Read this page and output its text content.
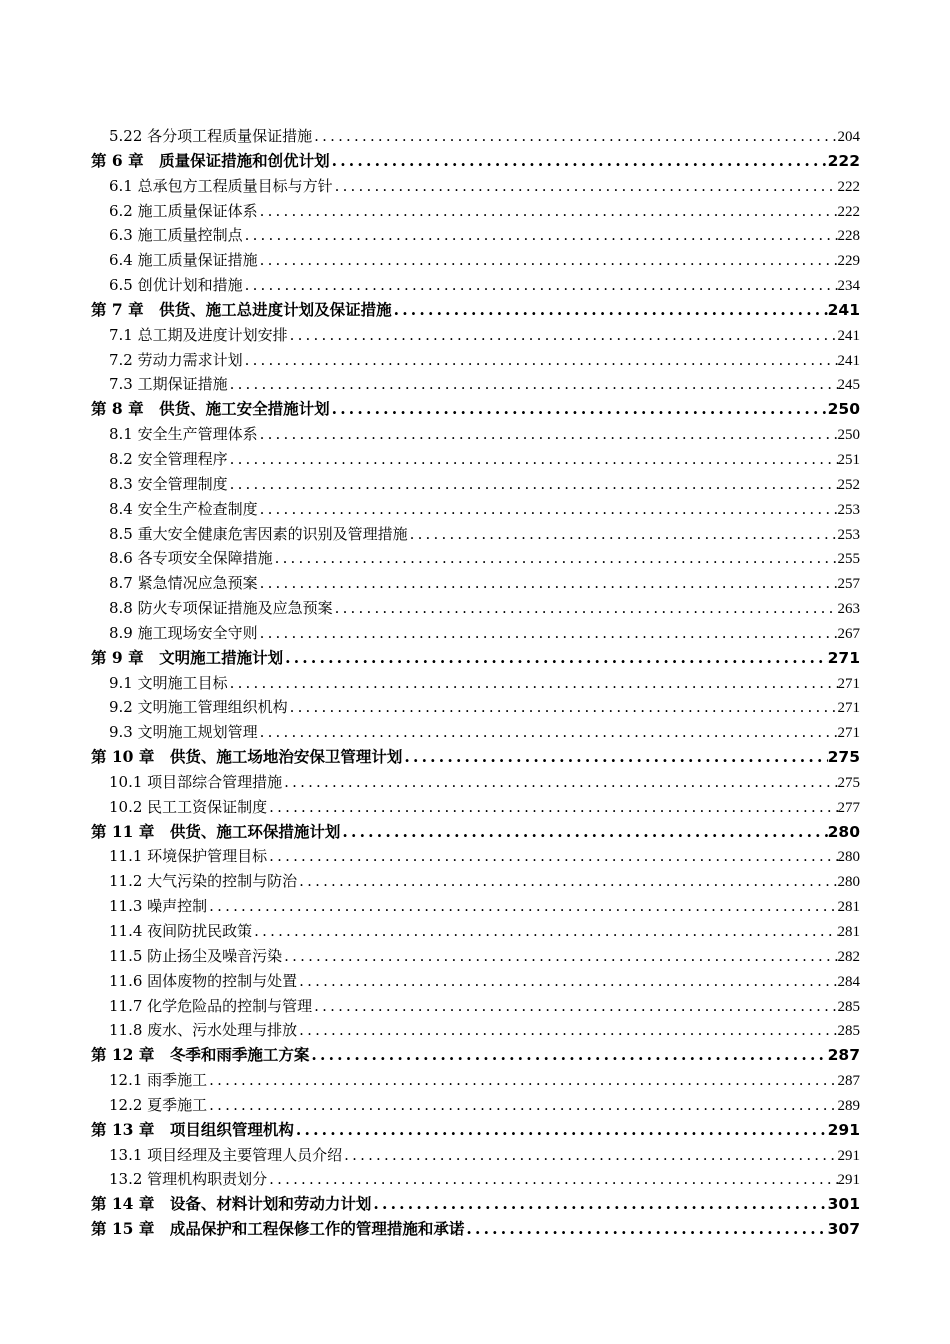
5.22 各分项工程质量保证措施 .....	204
第 6 章　质量保证措施和创优计划 .....	222
6.1 总承包方工程质量目标与方针 .....	222
6.2 施工质量保证体系 .....	222
6.3 施工质量控制点 .....	228
6.4 施工质量保证措施 .....	229
6.5 创优计划和措施 .....	234
第 7 章　供货、施工总进度计划及保证措施 .....	241
7.1 总工期及进度计划安排 .....	241
7.2 劳动力需求计划 .....	241
7.3 工期保证措施 .....	245
第 8 章　供货、施工安全措施计划 .....	250
8.1 安全生产管理体系 .....	250
8.2 安全管理程序 .....	251
8.3 安全管理制度 .....	252
8.4 安全生产检查制度 .....	253
8.5 重大安全健康危害因素的识别及管理措施 .....	253
8.6 各专项安全保障措施 .....	255
8.7 紧急情况应急预案 .....	257
8.8 防火专项保证措施及应急预案 .....	263
8.9 施工现场安全守则 .....	267
第 9 章　文明施工措施计划 .....	271
9.1 文明施工目标 .....	271
9.2 文明施工管理组织机构 .....	271
9.3 文明施工规划管理 .....	271
第 10 章　供货、施工场地治安保卫管理计划 .....	275
10.1 项目部综合管理措施 .....	275
10.2 民工工资保证制度 .....	277
第 11 章　供货、施工环保措施计划 .....	280
11.1 环境保护管理目标 .....	280
11.2 大气污染的控制与防治 .....	280
11.3 噪声控制 .....	281
11.4 夜间防扰民政策 .....	281
11.5 防止扬尘及噪音污染 .....	282
11.6 固体废物的控制与处置 .....	284
11.7 化学危险品的控制与管理 .....	285
11.8 废水、污水处理与排放 .....	285
第 12 章　冬季和雨季施工方案 .....	287
12.1 雨季施工 .....	287
12.2 夏季施工 .....	289
第 13 章　项目组织管理机构 .....	291
13.1 项目经理及主要管理人员介绍 .....	291
13.2 管理机构职责划分 .....	291
第 14 章　设备、材料计划和劳动力计划 .....	301
第 15 章　成品保护和工程保修工作的管理措施和承诺 .....	307
